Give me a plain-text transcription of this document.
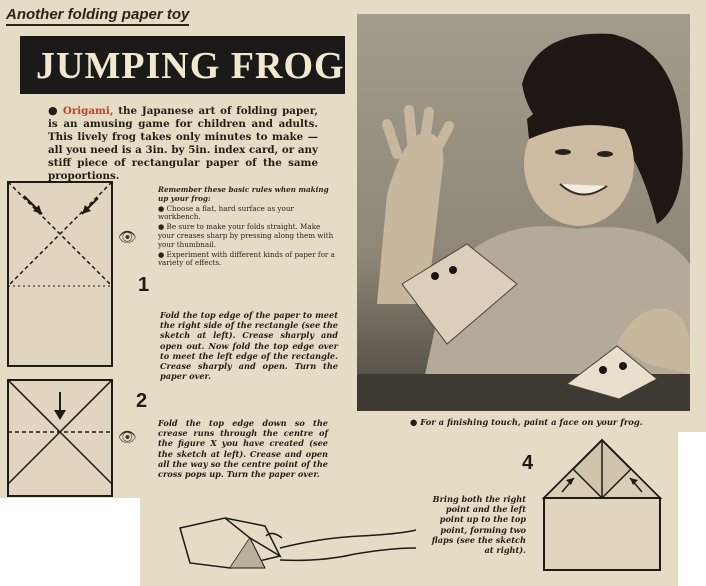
Another folding paper toy
JUMPING FROG
● Origami, the Japanese art of folding paper, is an amusing game for children and adults. This lively frog takes only minutes to make — all you need is a 3in. by 5in. index card, or any stiff piece of rectangular paper of the same proportions.

Remember these basic rules when making up your frog:

● Choose a flat, hard surface as your workbench.

● Be sure to make your folds straight. Make your creases sharp by pressing along them with your thumbnail.

● Experiment with different kinds of paper for a variety of effects.

👁
👁
1
Fold the top edge of the paper to meet the right side of the rectangle (see the sketch at left). Crease sharply and open out. Now fold the top edge over to meet the left edge of the rectangle. Crease sharply and open. Turn the paper over.
2
Fold the top edge down so the crease runs through the centre of the figure X you have created (see the sketch at left). Crease and open all the way so the centre point of the cross pops up. Turn the paper over.
● For a finishing touch, paint a face on your frog.
4
Bring both the right point and the left point up to the top point, forming two flaps (see the sketch at right).
